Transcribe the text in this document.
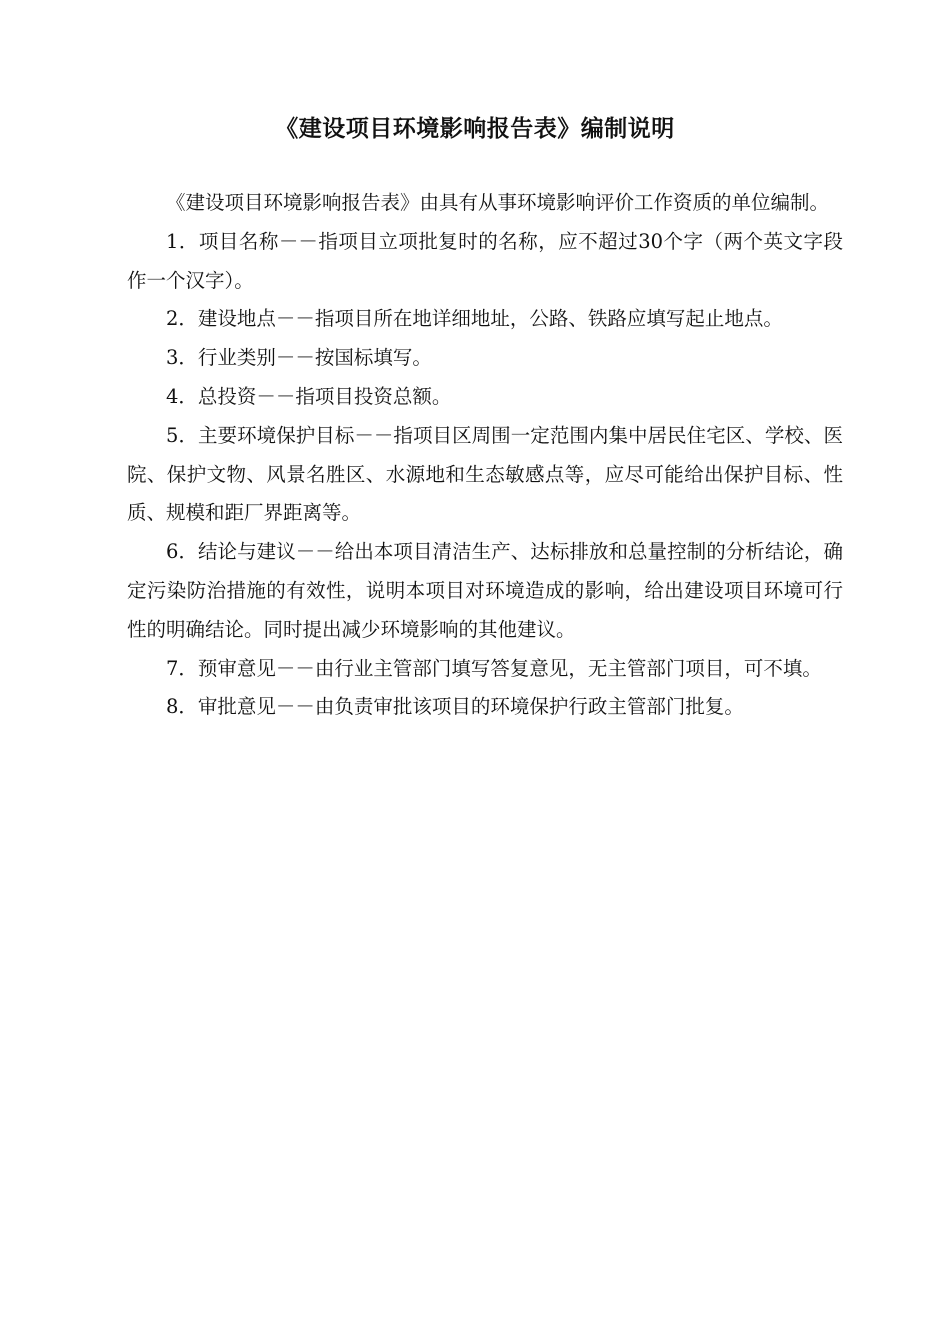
《建设项目环境影响报告表》编制说明

《建设项目环境影响报告表》由具有从事环境影响评价工作资质的单位编制。

1．项目名称－－指项目立项批复时的名称，应不超过30个字（两个英文字段作一个汉字）。

2．建设地点－－指项目所在地详细地址，公路、铁路应填写起止地点。

3．行业类别－－按国标填写。

4．总投资－－指项目投资总额。

5．主要环境保护目标－－指项目区周围一定范围内集中居民住宅区、学校、医院、保护文物、风景名胜区、水源地和生态敏感点等，应尽可能给出保护目标、性质、规模和距厂界距离等。

6．结论与建议－－给出本项目清洁生产、达标排放和总量控制的分析结论，确定污染防治措施的有效性，说明本项目对环境造成的影响，给出建设项目环境可行性的明确结论。同时提出减少环境影响的其他建议。

7．预审意见－－由行业主管部门填写答复意见，无主管部门项目，可不填。

8．审批意见－－由负责审批该项目的环境保护行政主管部门批复。
